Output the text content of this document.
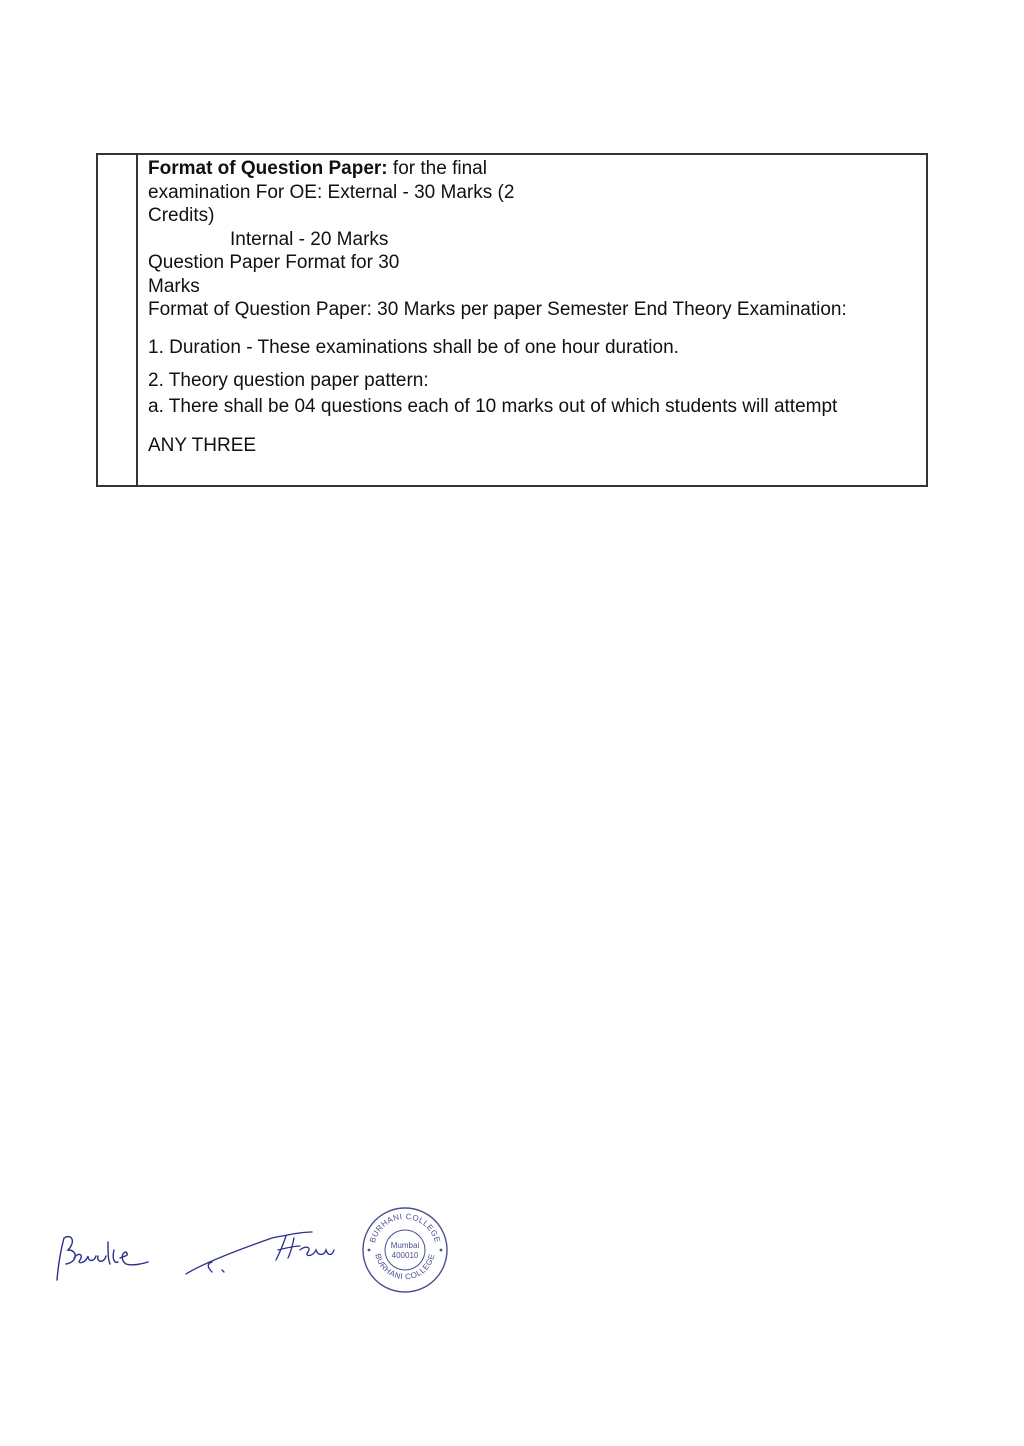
Format of Question Paper: for the final
examination For OE: External - 30 Marks (2
Credits)
Internal - 20 Marks
Question Paper Format for 30
Marks
Format of Question Paper: 30 Marks per paper Semester End Theory Examination:
1. Duration - These examinations shall be of one hour duration.
2. Theory question paper pattern:
a. There shall be 04 questions each of 10 marks out of which students will attempt
ANY THREE
BURHANI COLLEGE
BURHANI COLLEGE
Mumbai
400010
